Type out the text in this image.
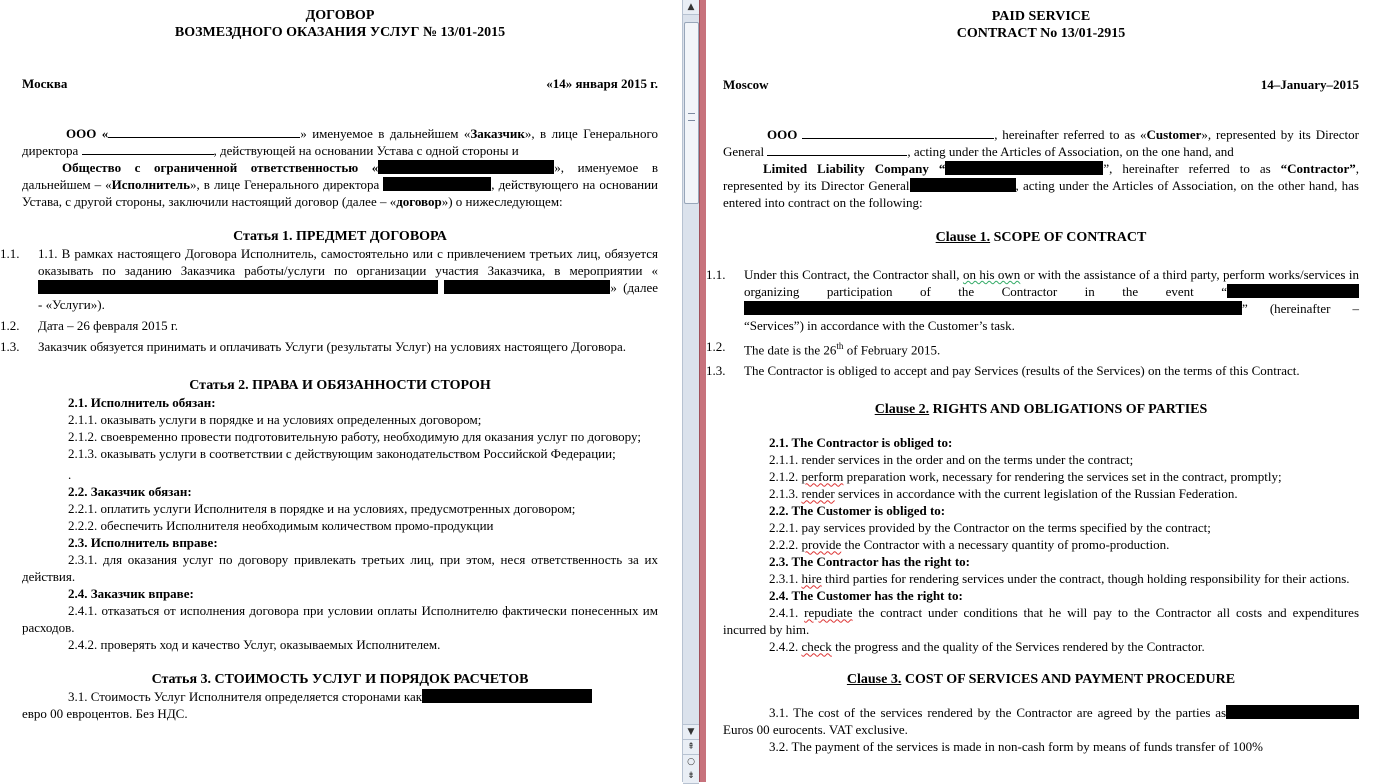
ДОГОВОР
ВОЗМЕЗДНОГО ОКАЗАНИЯ УСЛУГ № 13/01-2015
Москва	«14» января 2015 г.

ООО «	» именуемое в дальнейшем «Заказчик», в лице Генерального директора	, действующей на основании Устава с одной стороны и
Общество с ограниченной ответственностью «	», именуемое в дальнейшем – «Исполнитель», в лице Генерального директора	, действующего на основании Устава, с другой стороны, заключили настоящий договор (далее – «договор») о нижеследующем:

Статья 1. ПРЕДМЕТ ДОГОВОРА
1.1.	1.1. В рамках настоящего Договора Исполнитель, самостоятельно или с привлечением третьих лиц, обязуется оказывать по заданию Заказчика работы/услуги по организации участия Заказчика, в мероприятии « » (далее - «Услуги»).
1.2.	Дата – 26 февраля 2015 г.
1.3.	Заказчик обязуется принимать и оплачивать Услуги (результаты Услуг) на условиях настоящего Договора.
Статья 2. ПРАВА И ОБЯЗАННОСТИ СТОРОН
2.1. Исполнитель обязан:
2.1.1. оказывать услуги в порядке и на условиях определенных договором;
2.1.2. своевременно провести подготовительную работу, необходимую для оказания услуг по договору;
2.1.3. оказывать услуги в соответствии с действующим законодательством Российской Федерации;
.
2.2. Заказчик обязан:
2.2.1. оплатить услуги Исполнителя в порядке и на условиях, предусмотренных договором;
2.2.2. обеспечить Исполнителя необходимым количеством промо-продукции
2.3. Исполнитель вправе:
2.3.1. для оказания услуг по договору привлекать третьих лиц, при этом, неся ответственность за их действия.
2.4. Заказчик вправе:
2.4.1. отказаться от исполнения договора при условии оплаты Исполнителю фактически понесенных им расходов.
2.4.2. проверять ход и качество Услуг, оказываемых Исполнителем.
Статья 3. СТОИМОСТЬ УСЛУГ И ПОРЯДОК РАСЧЕТОВ
3.1. Стоимость Услуг Исполнителя определяется сторонами как
евро 00 евроцентов. Без НДС.
▲
▼
⇞
○
⇟
PAID SERVICE
CONTRACT No 13/01-2915
Moscow	14–January–2015

OOO	, hereinafter referred to as «Customer», represented by its Director General	, acting under the Articles of Association, on the one hand, and
Limited Liability Company “	”, hereinafter referred to as “Contractor”, represented by its Director General	, acting under the Articles of Association, on the other hand, has entered into contract on the following:

Clause 1. SCOPE OF CONTRACT
1.1.	Under this Contract, the Contractor shall, on his own or with the assistance of a third party, perform works/services in organizing participation of the Contractor in the event “ ” (hereinafter – “Services”) in accordance with the Customer’s task.
1.2.	The date is the 26th of February 2015.
1.3.	The Contractor is obliged to accept and pay Services (results of the Services) on the terms of this Contract.
Clause 2. RIGHTS AND OBLIGATIONS OF PARTIES
2.1. The Contractor is obliged to:
2.1.1. render services in the order and on the terms under the contract;
2.1.2. perform preparation work, necessary for rendering the services set in the contract, promptly;
2.1.3. render services in accordance with the current legislation of the Russian Federation.
2.2. The Customer is obliged to:
2.2.1. pay services provided by the Contractor on the terms specified by the contract;
2.2.2. provide the Contractor with a necessary quantity of promo-production.
2.3. The Contractor has the right to:
2.3.1. hire third parties for rendering services under the contract, though holding responsibility for their actions.
2.4. The Customer has the right to:
2.4.1. repudiate the contract under conditions that he will pay to the Contractor all costs and expenditures incurred by him.
2.4.2. check the progress and the quality of the Services rendered by the Contractor.
Clause 3. COST OF SERVICES AND PAYMENT PROCEDURE
3.1. The cost of the services rendered by the Contractor are agreed by the parties as  Euros 00 eurocents. VAT exclusive.
3.2. The payment of the services is made in non-cash form by means of funds transfer of 100%
